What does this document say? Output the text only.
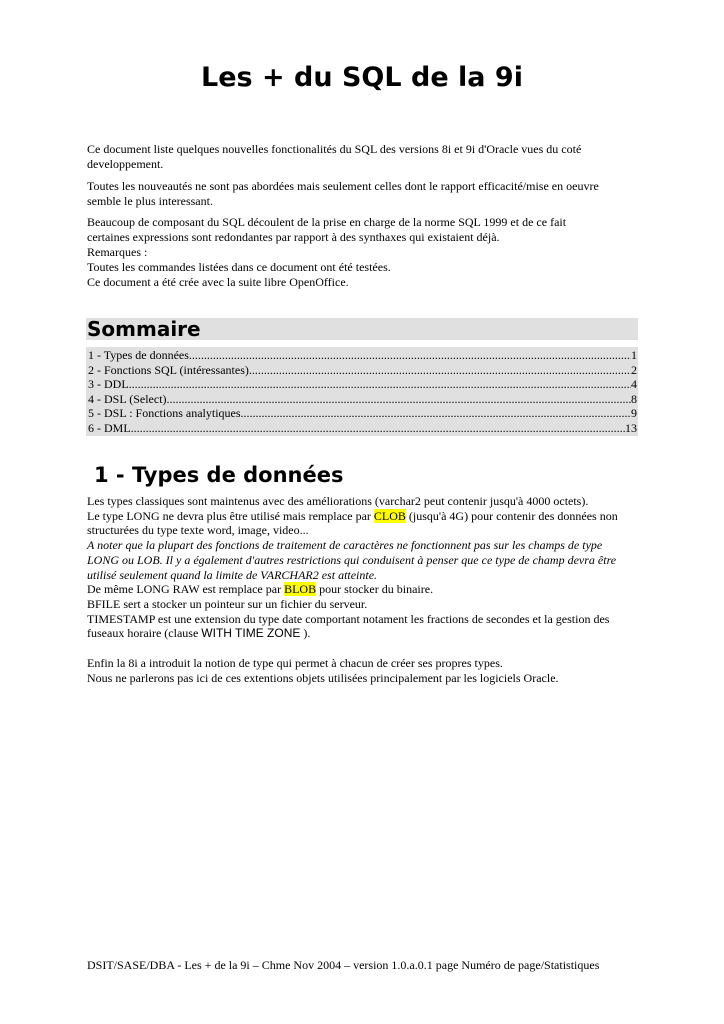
Les + du SQL de la 9i
Ce document liste quelques nouvelles fonctionalités du SQL des versions 8i et 9i d'Oracle vues du coté developpement.
Toutes les nouveautés ne sont pas abordées mais seulement celles dont le rapport efficacité/mise en oeuvre semble le plus interessant.
Beaucoup de composant du SQL découlent de la prise en charge de la norme SQL 1999 et de ce fait certaines expressions sont redondantes par rapport à des synthaxes qui existaient déjà.
Remarques :
Toutes les commandes listées dans ce document ont été testées.
Ce document a été crée avec la suite libre OpenOffice.
Sommaire
1 - Types de données .....	1
2 - Fonctions SQL (intéressantes) .....	2
3 - DDL .....	4
4 - DSL (Select) .....	8
5 - DSL : Fonctions analytiques .....	9
6 - DML .....	13
1 - Types de données
Les types classiques sont maintenus avec des améliorations (varchar2 peut contenir jusqu'à 4000 octets).
Le type LONG ne devra plus être utilisé mais remplace par CLOB (jusqu'à 4G) pour contenir des données non structurées du type texte word, image, video...
A noter que la plupart des fonctions de traitement de caractères ne fonctionnent pas sur les champs de type LONG ou LOB. Il y a également d'autres restrictions qui conduisent à penser que ce type de champ devra être utilisé seulement quand la limite de VARCHAR2 est atteinte.
De même LONG RAW est remplace par BLOB pour stocker du binaire.
BFILE sert a stocker un pointeur sur un fichier du serveur.
TIMESTAMP est une extension du type date comportant notament les fractions de secondes et la gestion des fuseaux horaire (clause WITH TIME ZONE ).
Enfin la 8i a introduit la notion de type qui permet à chacun de créer ses propres types.
Nous ne parlerons pas ici de ces extentions objets utilisées principalement par les logiciels Oracle.
DSIT/SASE/DBA - Les + de la 9i – Chme Nov 2004 – version 1.0.a.0.1 page Numéro de page/Statistiques
